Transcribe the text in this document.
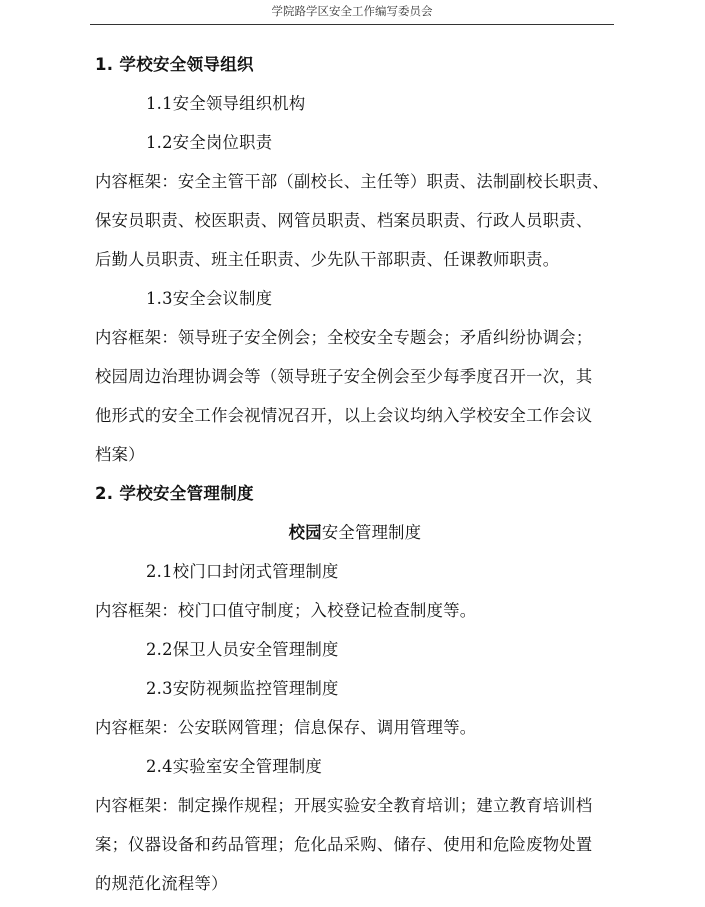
学院路学区安全工作编写委员会
1. 学校安全领导组织
1.1安全领导组织机构
1.2安全岗位职责
内容框架：安全主管干部（副校长、主任等）职责、法制副校长职责、
保安员职责、校医职责、网管员职责、档案员职责、行政人员职责、
后勤人员职责、班主任职责、少先队干部职责、任课教师职责。
1.3安全会议制度
内容框架：领导班子安全例会；全校安全专题会；矛盾纠纷协调会；
校园周边治理协调会等（领导班子安全例会至少每季度召开一次，其
他形式的安全工作会视情况召开，以上会议均纳入学校安全工作会议
档案）
2. 学校安全管理制度
校园安全管理制度
2.1校门口封闭式管理制度
内容框架：校门口值守制度；入校登记检查制度等。
2.2保卫人员安全管理制度
2.3安防视频监控管理制度
内容框架：公安联网管理；信息保存、调用管理等。
2.4实验室安全管理制度
内容框架：制定操作规程；开展实验安全教育培训；建立教育培训档
案；仪器设备和药品管理；危化品采购、储存、使用和危险废物处置
的规范化流程等）
